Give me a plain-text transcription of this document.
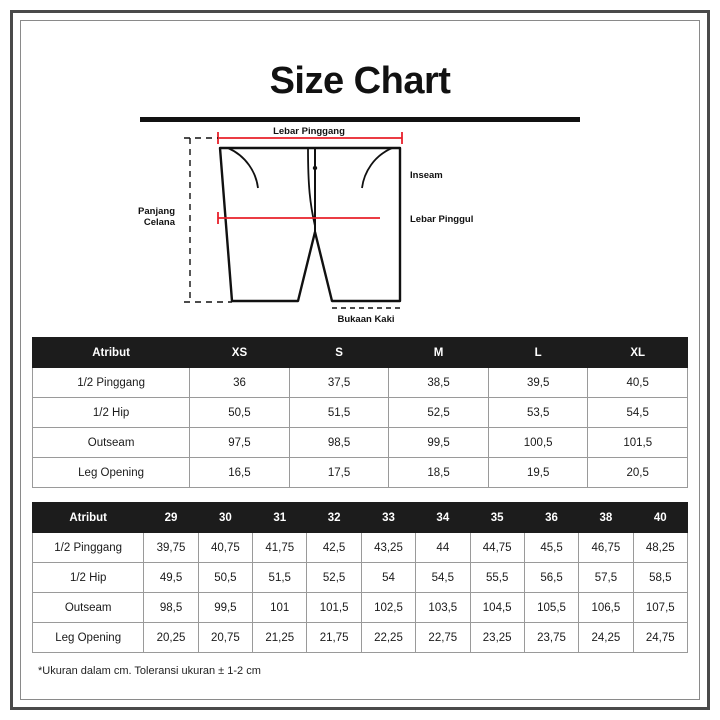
Size Chart
Lebar Pinggang
Inseam
Lebar Pinggul
Panjang
Celana
Bukaan Kaki
Atribut	XS	S	M	L	XL
1/2 Pinggang	36	37,5	38,5	39,5	40,5
1/2 Hip	50,5	51,5	52,5	53,5	54,5
Outseam	97,5	98,5	99,5	100,5	101,5
Leg Opening	16,5	17,5	18,5	19,5	20,5
Atribut	29	30	31	32	33	34	35	36	38	40
1/2 Pinggang	39,75	40,75	41,75	42,5	43,25	44	44,75	45,5	46,75	48,25
1/2 Hip	49,5	50,5	51,5	52,5	54	54,5	55,5	56,5	57,5	58,5
Outseam	98,5	99,5	101	101,5	102,5	103,5	104,5	105,5	106,5	107,5
Leg Opening	20,25	20,75	21,25	21,75	22,25	22,75	23,25	23,75	24,25	24,75
*Ukuran dalam cm. Toleransi ukuran ± 1-2 cm
